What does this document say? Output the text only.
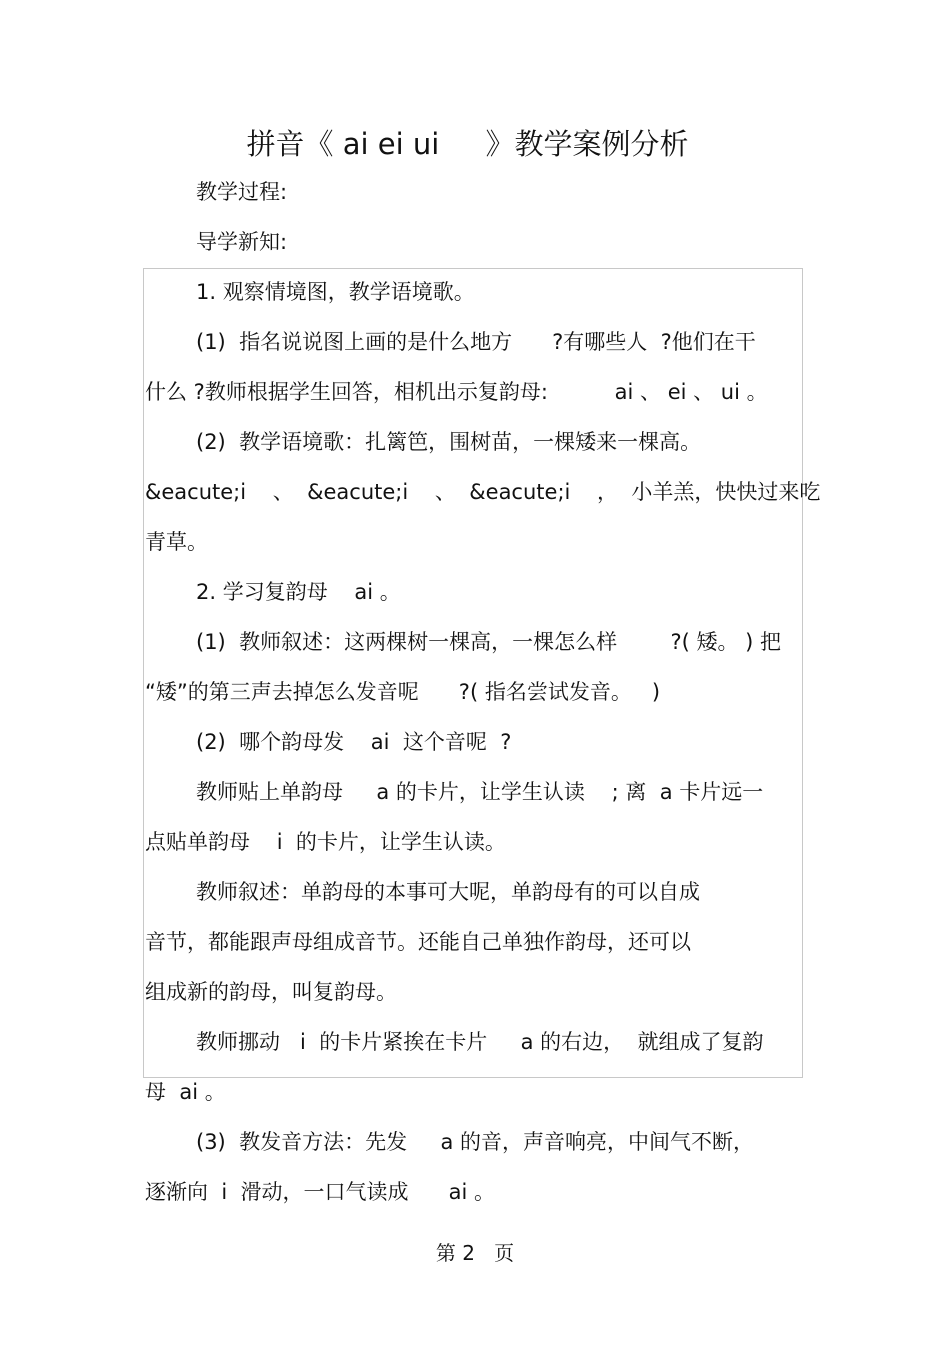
拼音《 ai ei ui     》教学案例分析
教学过程:
导学新知:
1. 观察情境图，教学语境歌。
(1)  指名说说图上画的是什么地方      ?有哪些人  ?他们在干
什么 ?教师根据学生回答，相机出示复韵母:          ai 、 ei 、 ui 。
(2)  教学语境歌：扎篱笆，围树苗，一棵矮来一棵高。
&eacute;i    、  &eacute;i    、  &eacute;i    ，  小羊羔，快快过来吃
青草。
2. 学习复韵母    ai 。
(1)  教师叙述：这两棵树一棵高，一棵怎么样        ?( 矮。 ) 把
“矮”的第三声去掉怎么发音呢      ?( 指名尝试发音。   )
(2)  哪个韵母发    ai  这个音呢  ?
教师贴上单韵母     a 的卡片，让学生认读    ; 离  a 卡片远一
点贴单韵母    i  的卡片，让学生认读。
教师叙述：单韵母的本事可大呢，单韵母有的可以自成
音节，都能跟声母组成音节。还能自己单独作韵母，还可以
组成新的韵母，叫复韵母。
教师挪动   i  的卡片紧挨在卡片     a 的右边，  就组成了复韵
母  ai 。
(3)  教发音方法：先发     a 的音，声音响亮，中间气不断，
逐渐向  i  滑动，一口气读成      ai 。
第 2   页
